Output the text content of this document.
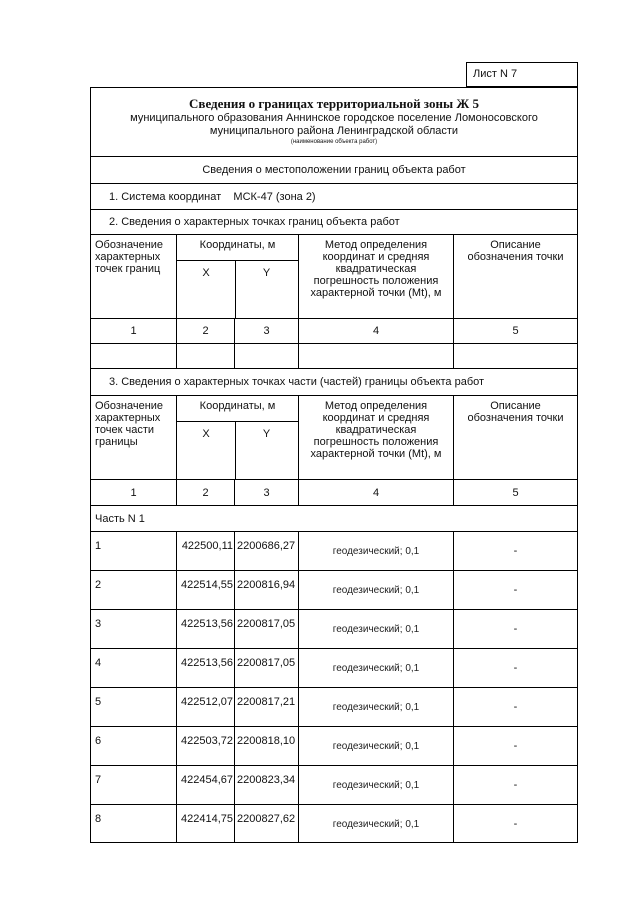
Лист N 7
Сведения о границах территориальной зоны Ж 5
муниципального образования Аннинское городское поселение Ломоносовского
муниципального района Ленинградской области
(наименование объекта работ)
Сведения о местоположении границ объекта работ
1. Система координат    МСК-47 (зона 2)
2. Сведения о характерных точках границ объекта работ
Обозначение характерных точек границ
Координаты, м
X	Y
Метод определения координат и средняя квадратическая погрешность положения характерной точки (Mt), м
Описание обозначения точки
1	2	3	4	5
3. Сведения о характерных точках части (частей) границы объекта работ
Обозначение характерных точек части границы
Координаты, м
X	Y
Метод определения координат и средняя квадратическая погрешность положения характерной точки (Mt), м
Описание обозначения точки
1	2	3	4	5
Часть N 1
1	422500,11 2200686,27	геодезический; 0,1	-
2	422514,55 2200816,94	геодезический; 0,1	-
3	422513,56 2200817,05	геодезический; 0,1	-
4	422513,56 2200817,05	геодезический; 0,1	-
5	422512,07 2200817,21	геодезический; 0,1	-
6	422503,72 2200818,10	геодезический; 0,1	-
7	422454,67 2200823,34	геодезический; 0,1	-
8	422414,75 2200827,62	геодезический; 0,1	-
